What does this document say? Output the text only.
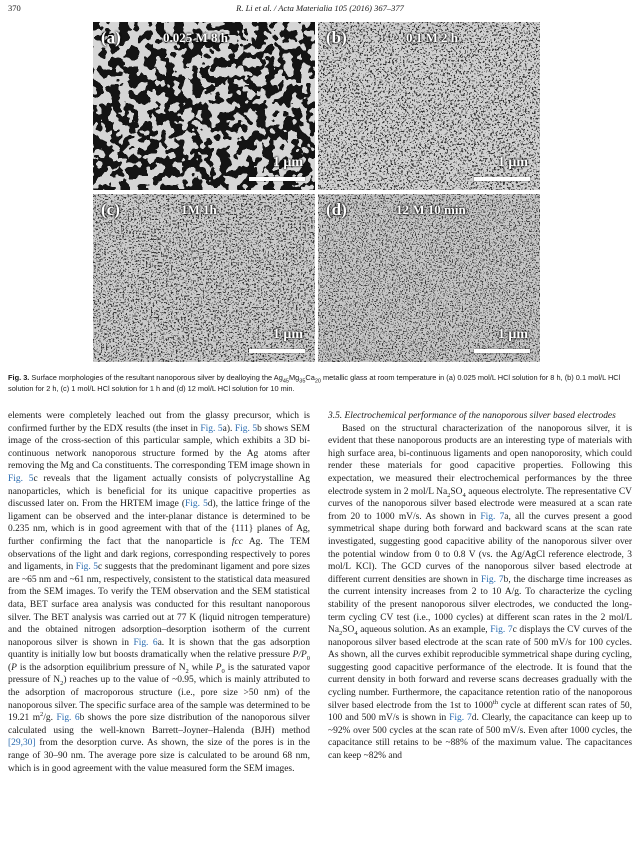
370	R. Li et al. / Acta Materialia 105 (2016) 367–377
(a)	0.025 M 8 h
1 μm
(b)	0.1 M 2 h
1 μm
(c)	1M 1h
1 μm
(d)	12 M 10 min
1 μm
Fig. 3. Surface morphologies of the resultant nanoporous silver by dealloying the $Ag_{45}Mg_{35}Ca_{20}$ metallic glass at room temperature in (a) 0.025 mol/L HCl solution for 8 h, (b) 0.1 mol/L HCl solution for 2 h, (c) 1 mol/L HCl solution for 1 h and (d) 12 mol/L HCl solution for 10 min.

elements were completely leached out from the glassy precursor, which is confirmed further by the EDX results (the inset in Fig. 5a). Fig. 5b shows SEM image of the cross-section of this particular sample, which exhibits a 3D bi-continuous network nanoporous structure formed by the Ag atoms after removing the Mg and Ca constituents. The corresponding TEM image shown in Fig. 5c reveals that the ligament actually consists of polycrystalline Ag nanoparticles, which is beneficial for its unique capacitive properties as discussed later on. From the HRTEM image (Fig. 5d), the lattice fringe of the ligament can be observed and the inter-planar distance is determined to be 0.235 nm, which is in good agreement with that of the {111} planes of Ag, further confirming the fact that the nanoparticle is fcc Ag. The TEM observations of the light and dark regions, corresponding respectively to pores and ligaments, in Fig. 5c suggests that the predominant ligament and pore sizes are ~65 nm and ~61 nm, respectively, consistent to the statistical data measured from the SEM images. To verify the TEM observation and the SEM statistical data, BET surface area analysis was conducted for this resultant nanoporous silver. The BET analysis was carried out at 77 K (liquid nitrogen temperature) and the obtained nitrogen adsorption–desorption isotherm of the current nanoporous silver is shown in Fig. 6a. It is shown that the gas adsorption quantity is initially low but boosts dramatically when the relative pressure $P/P_0$ (P is the adsorption equilibrium pressure of $N_2$ while $P_0$ is the saturated vapor pressure of $N_2$) reaches up to the value of ~0.95, which is mainly attributed to the adsorption of macroporous structure (i.e., pore size >50 nm) of the nanoporous silver. The specific surface area of the sample was determined to be 19.21 $m^2/g$. Fig. 6b shows the pore size distribution of the nanoporous silver calculated using the well-known Barrett–Joyner–Halenda (BJH) method [29,30] from the desorption curve. As shown, the size of the pores is in the range of 30–90 nm. The average pore size is calculated to be around 68 nm, which is in good agreement with the value measured form the SEM images.

3.5. Electrochemical performance of the nanoporous silver based electrodes

Based on the structural characterization of the nanoporous silver, it is evident that these nanoporous products are an interesting type of materials with high surface area, bi-continuous ligaments and open nanoporosity, which could render these materials for good capacitive properties. Following this expectation, we measured their electrochemical performances by the three electrode system in 2 mol/L $Na_2SO_4$ aqueous electrolyte. The representative CV curves of the nanoporous silver based electrode were measured at a scan rate from 20 to 1000 mV/s. As shown in Fig. 7a, all the curves present a good symmetrical shape during both forward and backward scans at the scan rate investigated, suggesting good capacitive ability of the nanoporous silver over the potential window from 0 to 0.8 V (vs. the Ag/AgCl reference electrode, 3 mol/L KCl). The GCD curves of the nanoporous silver based electrode at different current densities are shown in Fig. 7b, the discharge time increases as the current intensity increases from 2 to 10 A/g. To characterize the cycling stability of the present nanoporous silver electrodes, we conducted the long-term cycling CV test (i.e., 1000 cycles) at different scan rates in the 2 mol/L $Na_2SO_4$ aqueous solution. As an example, Fig. 7c displays the CV curves of the nanoporous silver based electrode at the scan rate of 500 mV/s for 100 cycles. As shown, all the curves exhibit reproducible symmetrical shape during cycling, suggesting good capacitive performance of the electrode. It is found that the current density in both forward and reverse scans decreases gradually with the cycling number. Furthermore, the capacitance retention ratio of the nanoporous silver based electrode from the 1st to 1000th cycle at different scan rates of 50, 100 and 500 mV/s is shown in Fig. 7d. Clearly, the capacitance can keep up to ~92% over 500 cycles at the scan rate of 500 mV/s. Even after 1000 cycles, the capacitance still retains to be ~88% of the maximum value. The capacitances can keep ~82% and
